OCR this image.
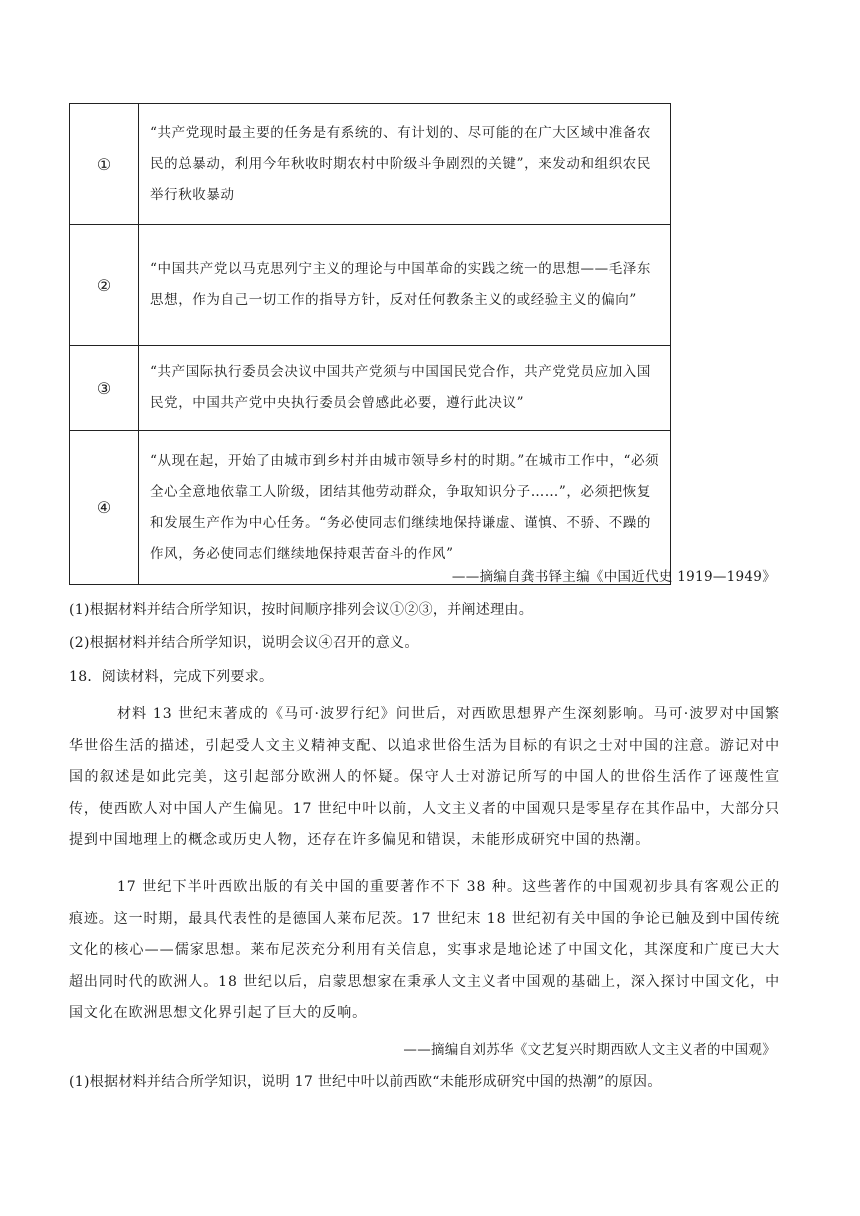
①	“共产党现时最主要的任务是有系统的、有计划的、尽可能的在广大区域中准备农民的总暴动，利用今年秋收时期农村中阶级斗争剧烈的关键”，来发动和组织农民举行秋收暴动
②	“中国共产党以马克思列宁主义的理论与中国革命的实践之统一的思想——毛泽东思想，作为自己一切工作的指导方针，反对任何教条主义的或经验主义的偏向”
③	“共产国际执行委员会决议中国共产党须与中国国民党合作，共产党党员应加入国民党，中国共产党中央执行委员会曾感此必要，遵行此决议”
④	“从现在起，开始了由城市到乡村并由城市领导乡村的时期。”在城市工作中，“必须全心全意地依靠工人阶级，团结其他劳动群众，争取知识分子……”，必须把恢复和发展生产作为中心任务。“务必使同志们继续地保持谦虚、谨慎、不骄、不躁的作风，务必使同志们继续地保持艰苦奋斗的作风”
——摘编自龚书铎主编《中国近代史 1919—1949》
(1)根据材料并结合所学知识，按时间顺序排列会议①②③，并阐述理由。
(2)根据材料并结合所学知识，说明会议④召开的意义。
18．阅读材料，完成下列要求。
材料 13 世纪末著成的《马可·波罗行纪》问世后，对西欧思想界产生深刻影响。马可·波罗对中国繁华世俗生活的描述，引起受人文主义精神支配、以追求世俗生活为目标的有识之士对中国的注意。游记对中国的叙述是如此完美，这引起部分欧洲人的怀疑。保守人士对游记所写的中国人的世俗生活作了诬蔑性宣传，使西欧人对中国人产生偏见。17 世纪中叶以前，人文主义者的中国观只是零星存在其作品中，大部分只提到中国地理上的概念或历史人物，还存在许多偏见和错误，未能形成研究中国的热潮。
17 世纪下半叶西欧出版的有关中国的重要著作不下 38 种。这些著作的中国观初步具有客观公正的痕迹。这一时期，最具代表性的是德国人莱布尼茨。17 世纪末 18 世纪初有关中国的争论已触及到中国传统文化的核心——儒家思想。莱布尼茨充分利用有关信息，实事求是地论述了中国文化，其深度和广度已大大超出同时代的欧洲人。18 世纪以后，启蒙思想家在秉承人文主义者中国观的基础上，深入探讨中国文化，中国文化在欧洲思想文化界引起了巨大的反响。
——摘编自刘苏华《文艺复兴时期西欧人文主义者的中国观》
(1)根据材料并结合所学知识，说明 17 世纪中叶以前西欧“未能形成研究中国的热潮”的原因。
